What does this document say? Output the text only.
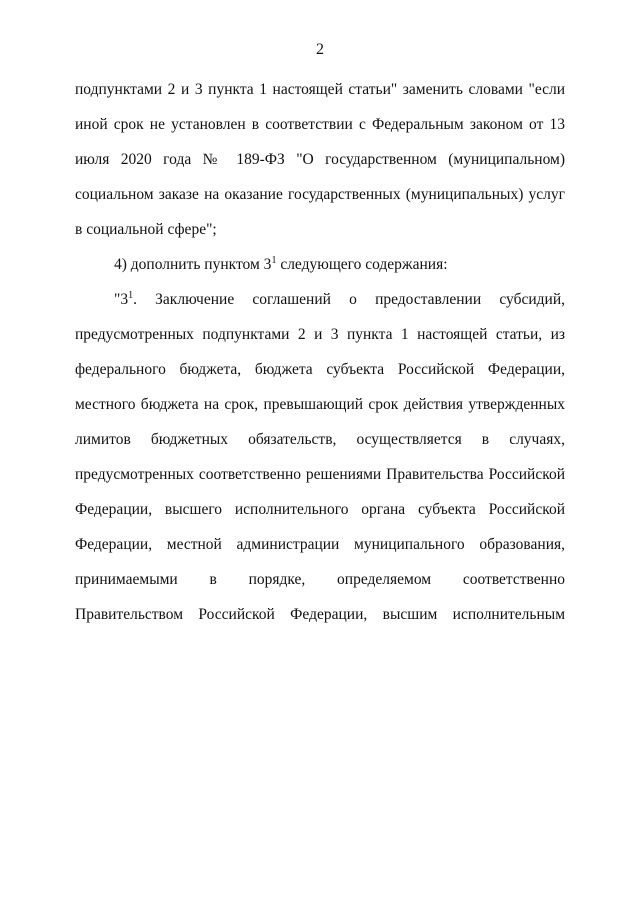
2

подпунктами 2 и 3 пункта 1 настоящей статьи" заменить словами "если иной срок не установлен в соответствии с Федеральным законом от 13 июля 2020 года № 189-ФЗ "О государственном (муниципальном) социальном заказе на оказание государственных (муниципальных) услуг в социальной сфере";

4) дополнить пунктом $3^1$ следующего содержания:

"$3^1$. Заключение соглашений о предоставлении субсидий, предусмотренных подпунктами 2 и 3 пункта 1 настоящей статьи, из федерального бюджета, бюджета субъекта Российской Федерации, местного бюджета на срок, превышающий срок действия утвержденных лимитов бюджетных обязательств, осуществляется в случаях, предусмотренных соответственно решениями Правительства Российской Федерации, высшего исполнительного органа субъекта Российской Федерации, местной администрации муниципального образования, принимаемыми в порядке, определяемом соответственно Правительством Российской Федерации, высшим исполнительным
